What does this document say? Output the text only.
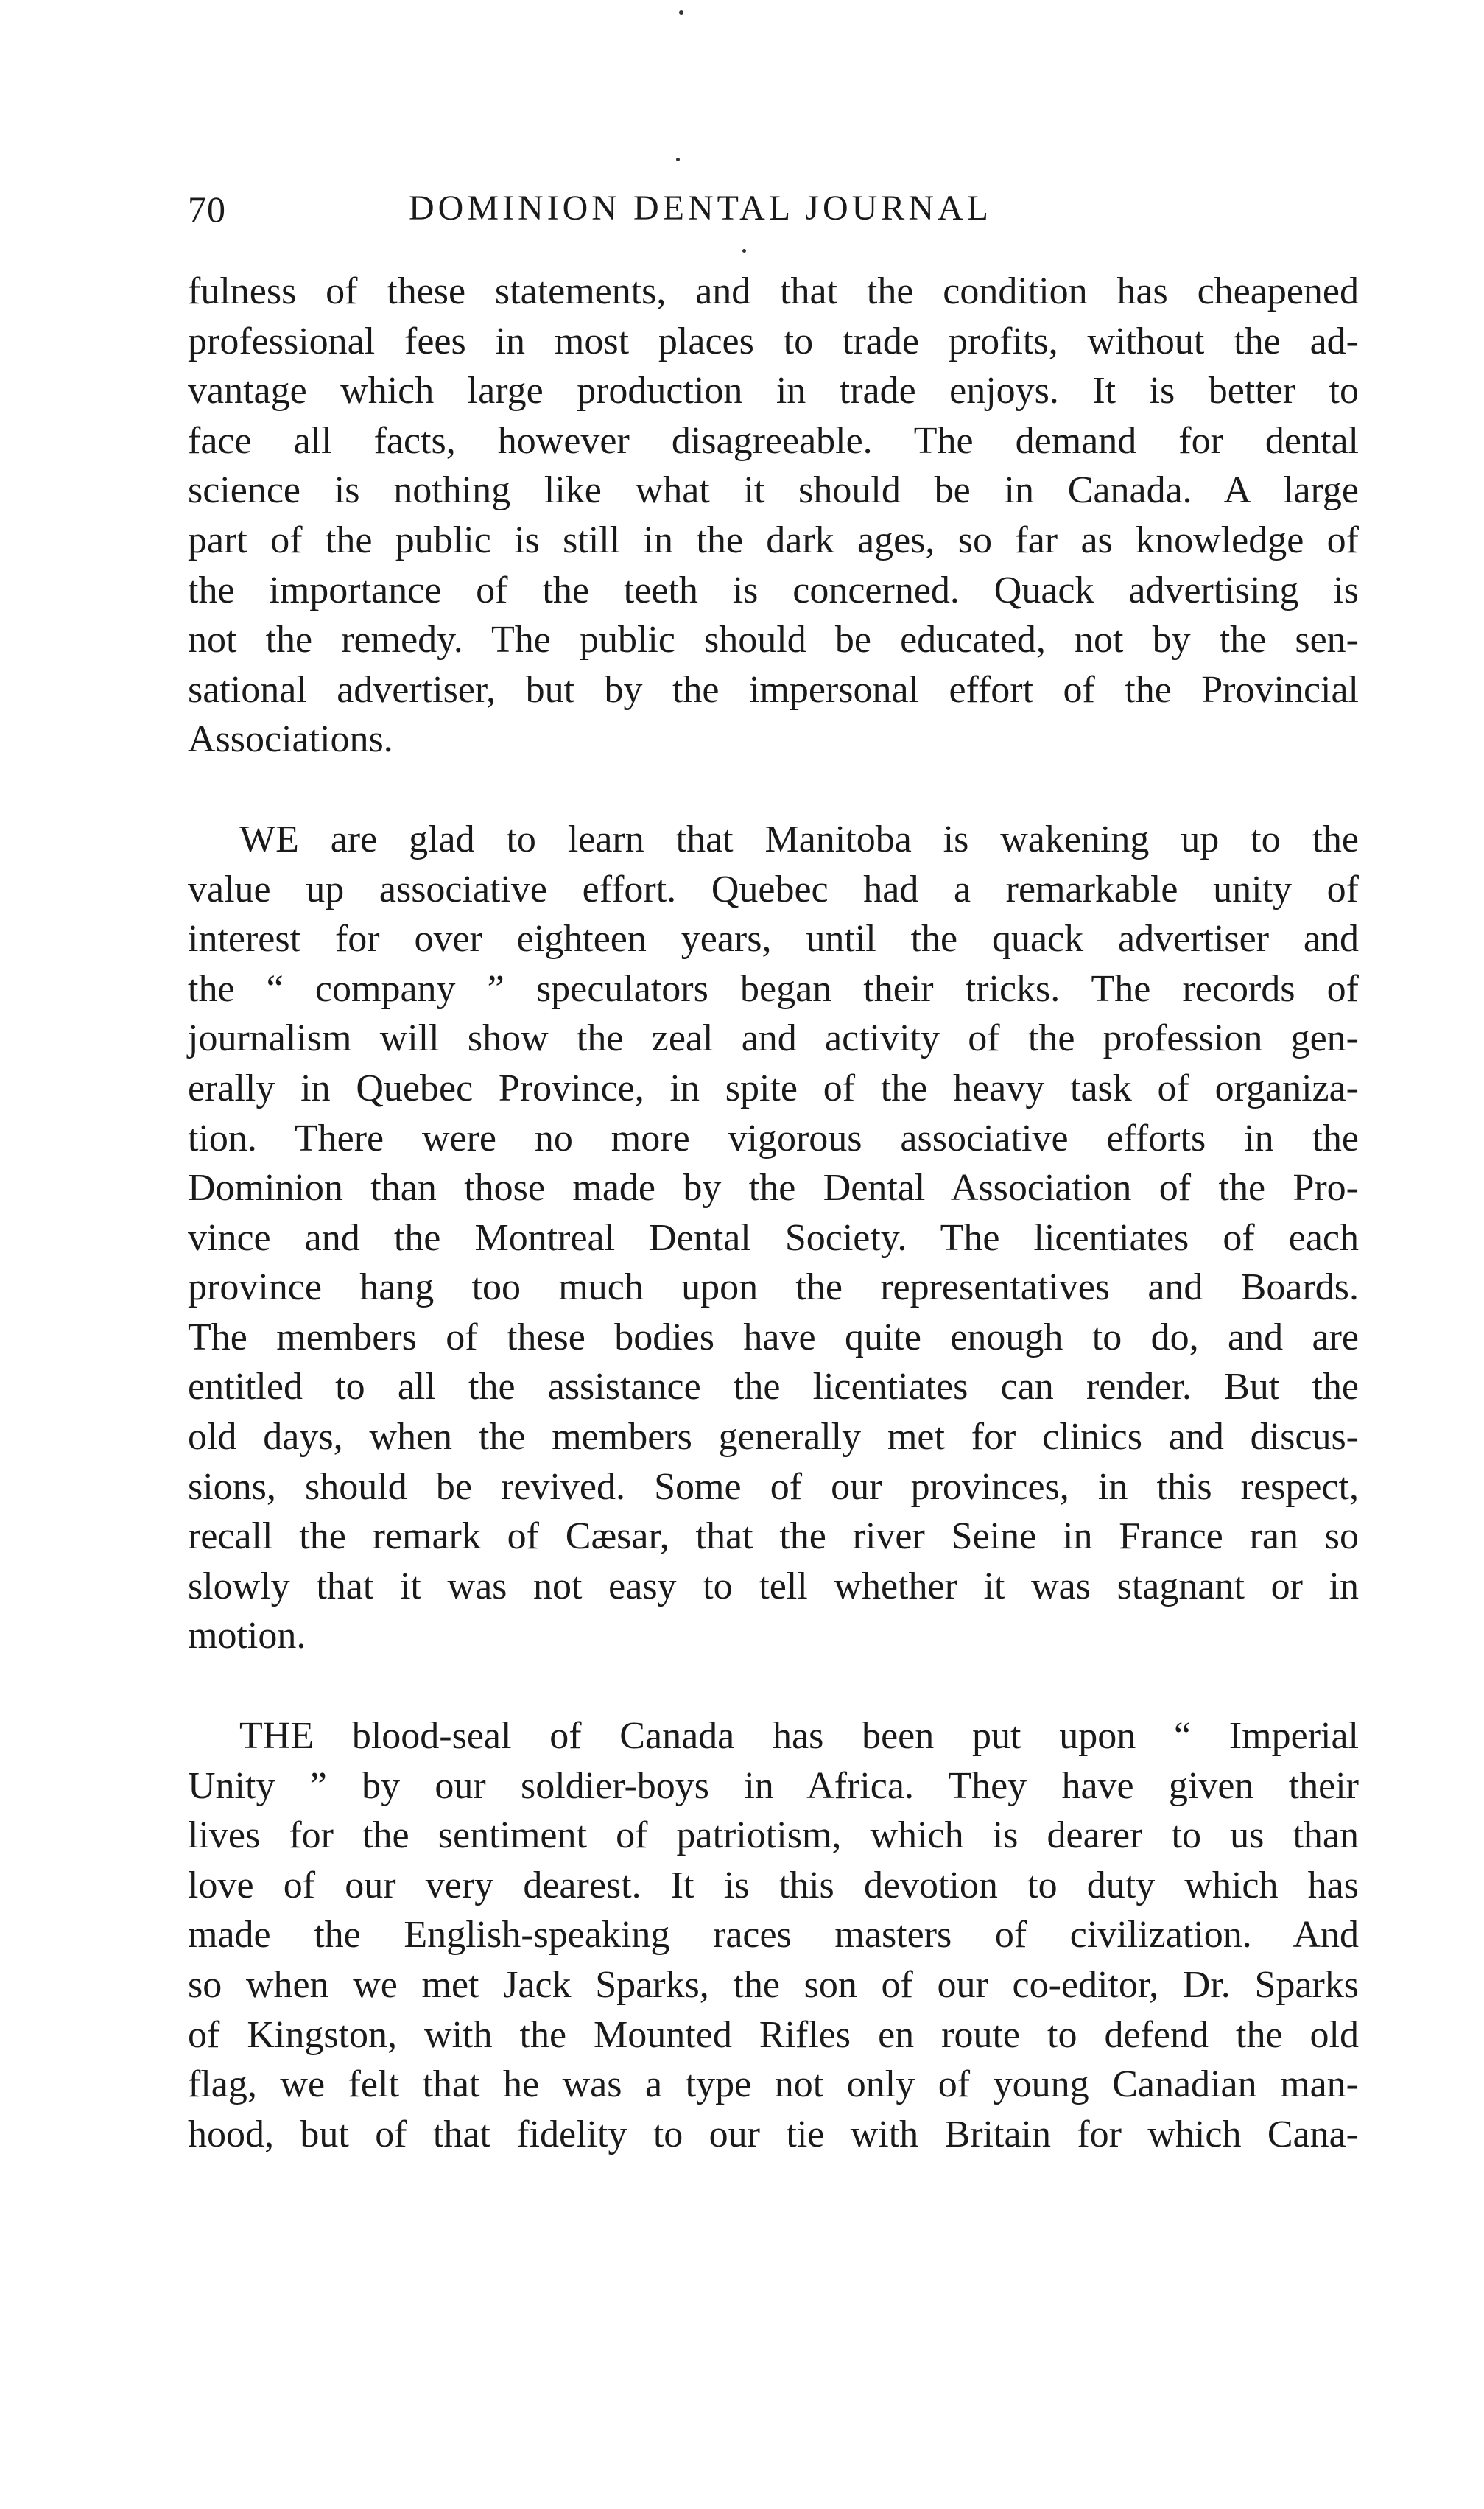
70	DOMINION DENTAL JOURNAL

fulness of these statements, and that the condition has cheapened
professional fees in most places to trade profits, without the ad-
vantage which large production in trade enjoys. It is better to
face all facts, however disagreeable. The demand for dental
science is nothing like what it should be in Canada. A large
part of the public is still in the dark ages, so far as knowledge of
the importance of the teeth is concerned. Quack advertising is
not the remedy. The public should be educated, not by the sen-
sational advertiser, but by the impersonal effort of the Provincial
Associations.

WE are glad to learn that Manitoba is wakening up to the
value up associative effort. Quebec had a remarkable unity of
interest for over eighteen years, until the quack advertiser and
the “ company ” speculators began their tricks. The records of
journalism will show the zeal and activity of the profession gen-
erally in Quebec Province, in spite of the heavy task of organiza-
tion. There were no more vigorous associative efforts in the
Dominion than those made by the Dental Association of the Pro-
vince and the Montreal Dental Society. The licentiates of each
province hang too much upon the representatives and Boards.
The members of these bodies have quite enough to do, and are
entitled to all the assistance the licentiates can render. But the
old days, when the members generally met for clinics and discus-
sions, should be revived. Some of our provinces, in this respect,
recall the remark of Cæsar, that the river Seine in France ran so
slowly that it was not easy to tell whether it was stagnant or in
motion.

THE blood-seal of Canada has been put upon “ Imperial
Unity ” by our soldier-boys in Africa. They have given their
lives for the sentiment of patriotism, which is dearer to us than
love of our very dearest. It is this devotion to duty which has
made the English-speaking races masters of civilization. And
so when we met Jack Sparks, the son of our co-editor, Dr. Sparks
of Kingston, with the Mounted Rifles en route to defend the old
flag, we felt that he was a type not only of young Canadian man-
hood, but of that fidelity to our tie with Britain for which Cana-
